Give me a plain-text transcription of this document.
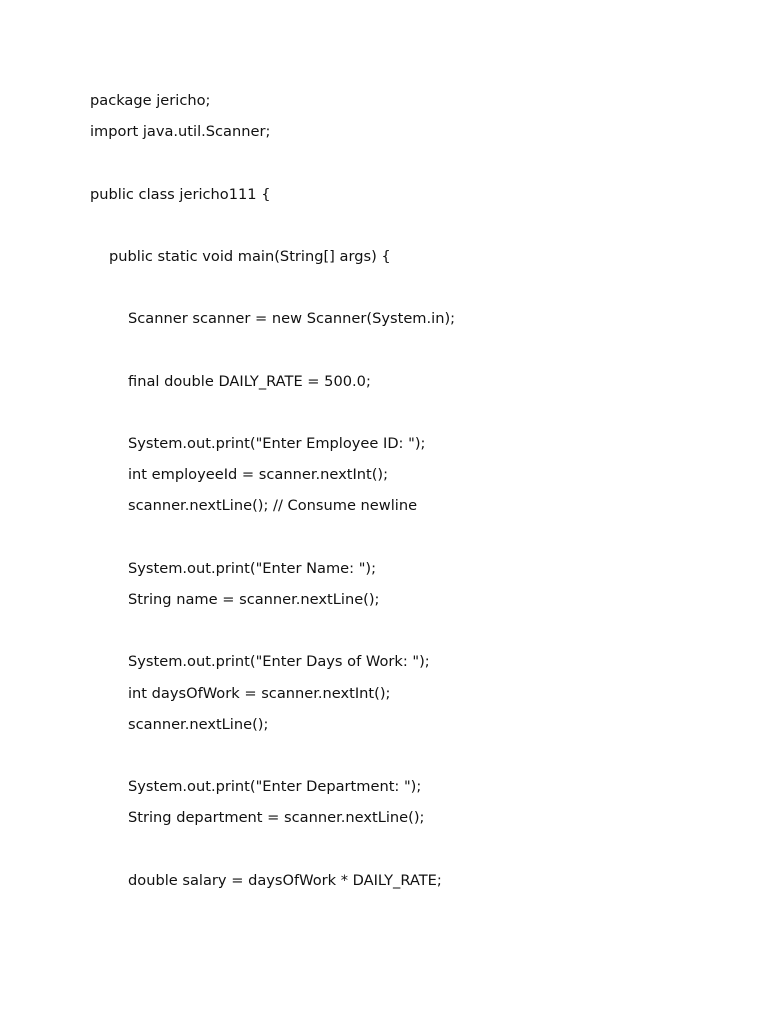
package jericho;
import java.util.Scanner;
public class jericho111 {
public static void main(String[] args) {
Scanner scanner = new Scanner(System.in);
final double DAILY_RATE = 500.0;
System.out.print("Enter Employee ID: ");
int employeeId = scanner.nextInt();
scanner.nextLine(); // Consume newline
System.out.print("Enter Name: ");
String name = scanner.nextLine();
System.out.print("Enter Days of Work: ");
int daysOfWork = scanner.nextInt();
scanner.nextLine();
System.out.print("Enter Department: ");
String department = scanner.nextLine();
double salary = daysOfWork * DAILY_RATE;
